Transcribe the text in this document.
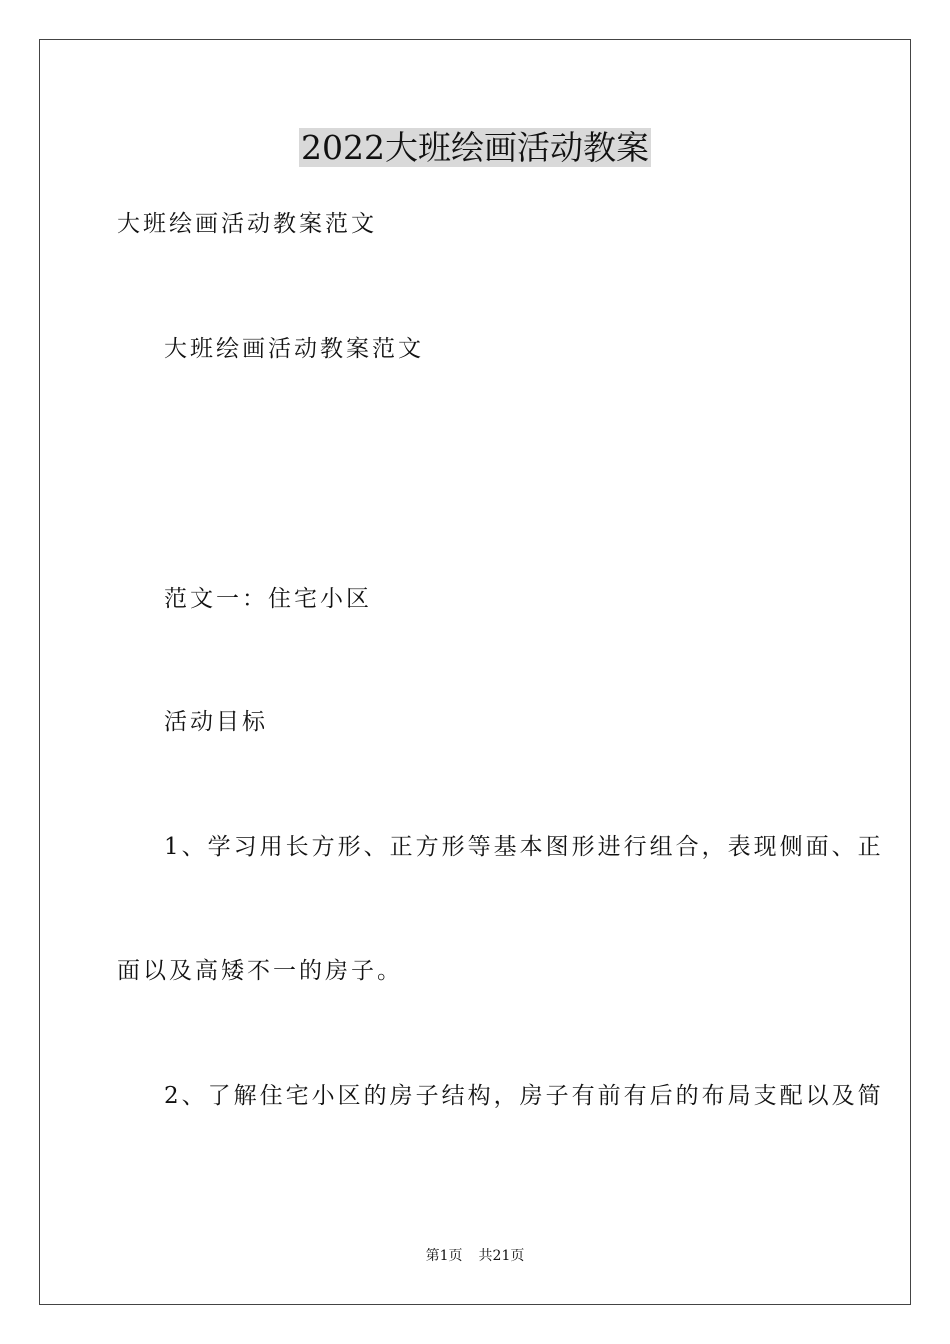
2022大班绘画活动教案

大班绘画活动教案范文

大班绘画活动教案范文

范文一：住宅小区

活动目标

1、学习用长方形、正方形等基本图形进行组合，表现侧面、正

面以及高矮不一的房子。

2、了解住宅小区的房子结构，房子有前有后的布局支配以及简

第1页 共21页
